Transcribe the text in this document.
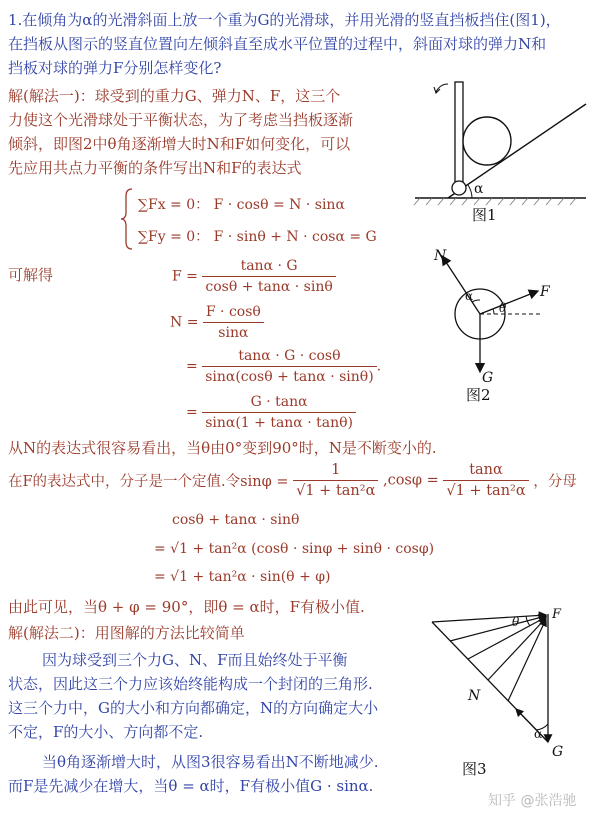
1.在倾角为α的光滑斜面上放一个重为G的光滑球，并用光滑的竖直挡板挡住(图1)，
在挡板从图示的竖直位置向左倾斜直至成水平位置的过程中，斜面对球的弹力N和
挡板对球的弹力F分别怎样变化?
解(解法一)：球受到的重力G、弹力N、F，这三个
力使这个光滑球处于平衡状态，为了考虑当挡板逐渐
倾斜，即图2中θ角逐渐增大时N和F如何变化，可以
先应用共点力平衡的条件写出N和F的表达式
∑Fx = 0： F · cosθ = N · sinα
∑Fy = 0： F · sinθ + N · cosα = G
可解得	$F = \frac{\tan\alpha \cdot G}{\cos\theta + \tan\alpha \cdot \sin\theta}$
$N = \frac{F \cdot \cos\theta}{\sin\alpha}$
= $\frac{\tan\alpha \cdot G \cdot \cos\theta}{\sin\alpha(\cos\theta + \tan\alpha \cdot \sin\theta)}$ .
= $\frac{G \cdot \tan\alpha}{\sin\alpha(1 + \tan\alpha \cdot \tan\theta)}$
从N的表达式很容易看出，当θ由0°变到90°时，N是不断变小的.
在F的表达式中，分子是一个定值.令$\sin\varphi = \frac{1}{\text{√1 + tan²α}} ,\cos\varphi = \frac{\tan\alpha}{\text{√1 + tan²α}}$ ，分母
cosθ + tanα · sinθ
= √1 + tan²α (cosθ · sinφ + sinθ · cosφ)
= √1 + tan²α · sin(θ + φ)
由此可见，当θ + φ = 90°，即θ = α时，F有极小值.
解(解法二)：用图解的方法比较简单
因为球受到三个力G、N、F而且始终处于平衡
状态，因此这三个力应该始终能构成一个封闭的三角形.
这三个力中，G的大小和方向都确定，N的方向确定大小
不定，F的大小、方向都不定.
当θ角逐渐增大时，从图3很容易看出N不断地减少.
而F是先减少在增大，当θ = α时，F有极小值G · sinα.
α
图1
N
F
G
α
θ
图2
F
θ
N
α
G
图3
知乎 @张浩驰
